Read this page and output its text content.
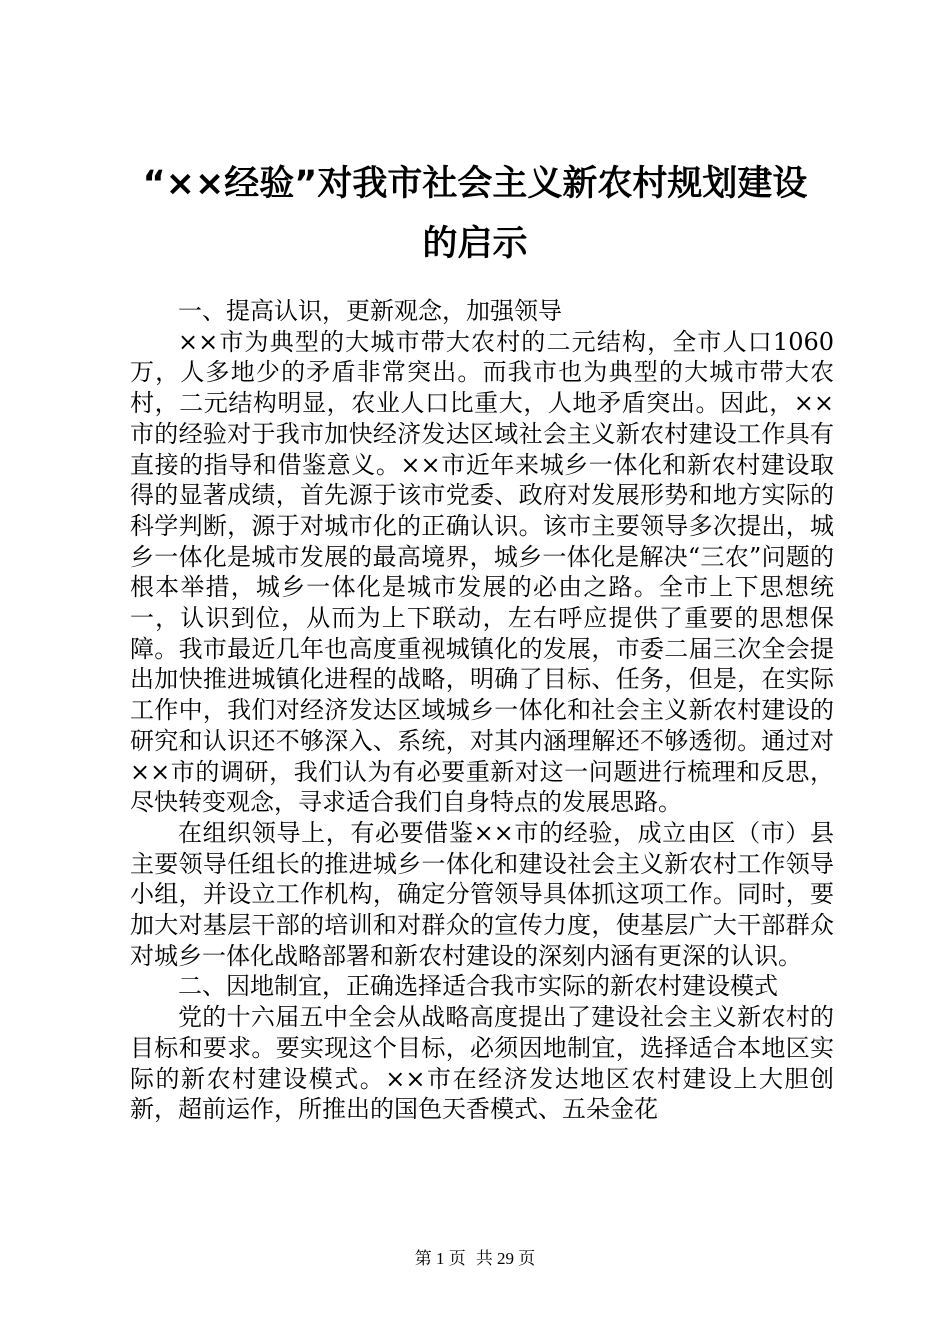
“××经验”对我市社会主义新农村规划建设
的启示

一、提高认识，更新观念，加强领导

××市为典型的大城市带大农村的二元结构，全市人口1060万，人多地少的矛盾非常突出。而我市也为典型的大城市带大农村，二元结构明显，农业人口比重大，人地矛盾突出。因此，××市的经验对于我市加快经济发达区域社会主义新农村建设工作具有直接的指导和借鉴意义。××市近年来城乡一体化和新农村建设取得的显著成绩，首先源于该市党委、政府对发展形势和地方实际的科学判断，源于对城市化的正确认识。该市主要领导多次提出，城乡一体化是城市发展的最高境界，城乡一体化是解决“三农”问题的根本举措，城乡一体化是城市发展的必由之路。全市上下思想统一，认识到位，从而为上下联动，左右呼应提供了重要的思想保障。我市最近几年也高度重视城镇化的发展，市委二届三次全会提出加快推进城镇化进程的战略，明确了目标、任务，但是，在实际工作中，我们对经济发达区域城乡一体化和社会主义新农村建设的研究和认识还不够深入、系统，对其内涵理解还不够透彻。通过对××市的调研，我们认为有必要重新对这一问题进行梳理和反思，尽快转变观念，寻求适合我们自身特点的发展思路。

在组织领导上，有必要借鉴××市的经验，成立由区（市）县主要领导任组长的推进城乡一体化和建设社会主义新农村工作领导小组，并设立工作机构，确定分管领导具体抓这项工作。同时，要加大对基层干部的培训和对群众的宣传力度，使基层广大干部群众对城乡一体化战略部署和新农村建设的深刻内涵有更深的认识。

二、因地制宜，正确选择适合我市实际的新农村建设模式

党的十六届五中全会从战略高度提出了建设社会主义新农村的目标和要求。要实现这个目标，必须因地制宜，选择适合本地区实际的新农村建设模式。××市在经济发达地区农村建设上大胆创新，超前运作，所推出的国色天香模式、五朵金花

第 1 页 共 29 页
